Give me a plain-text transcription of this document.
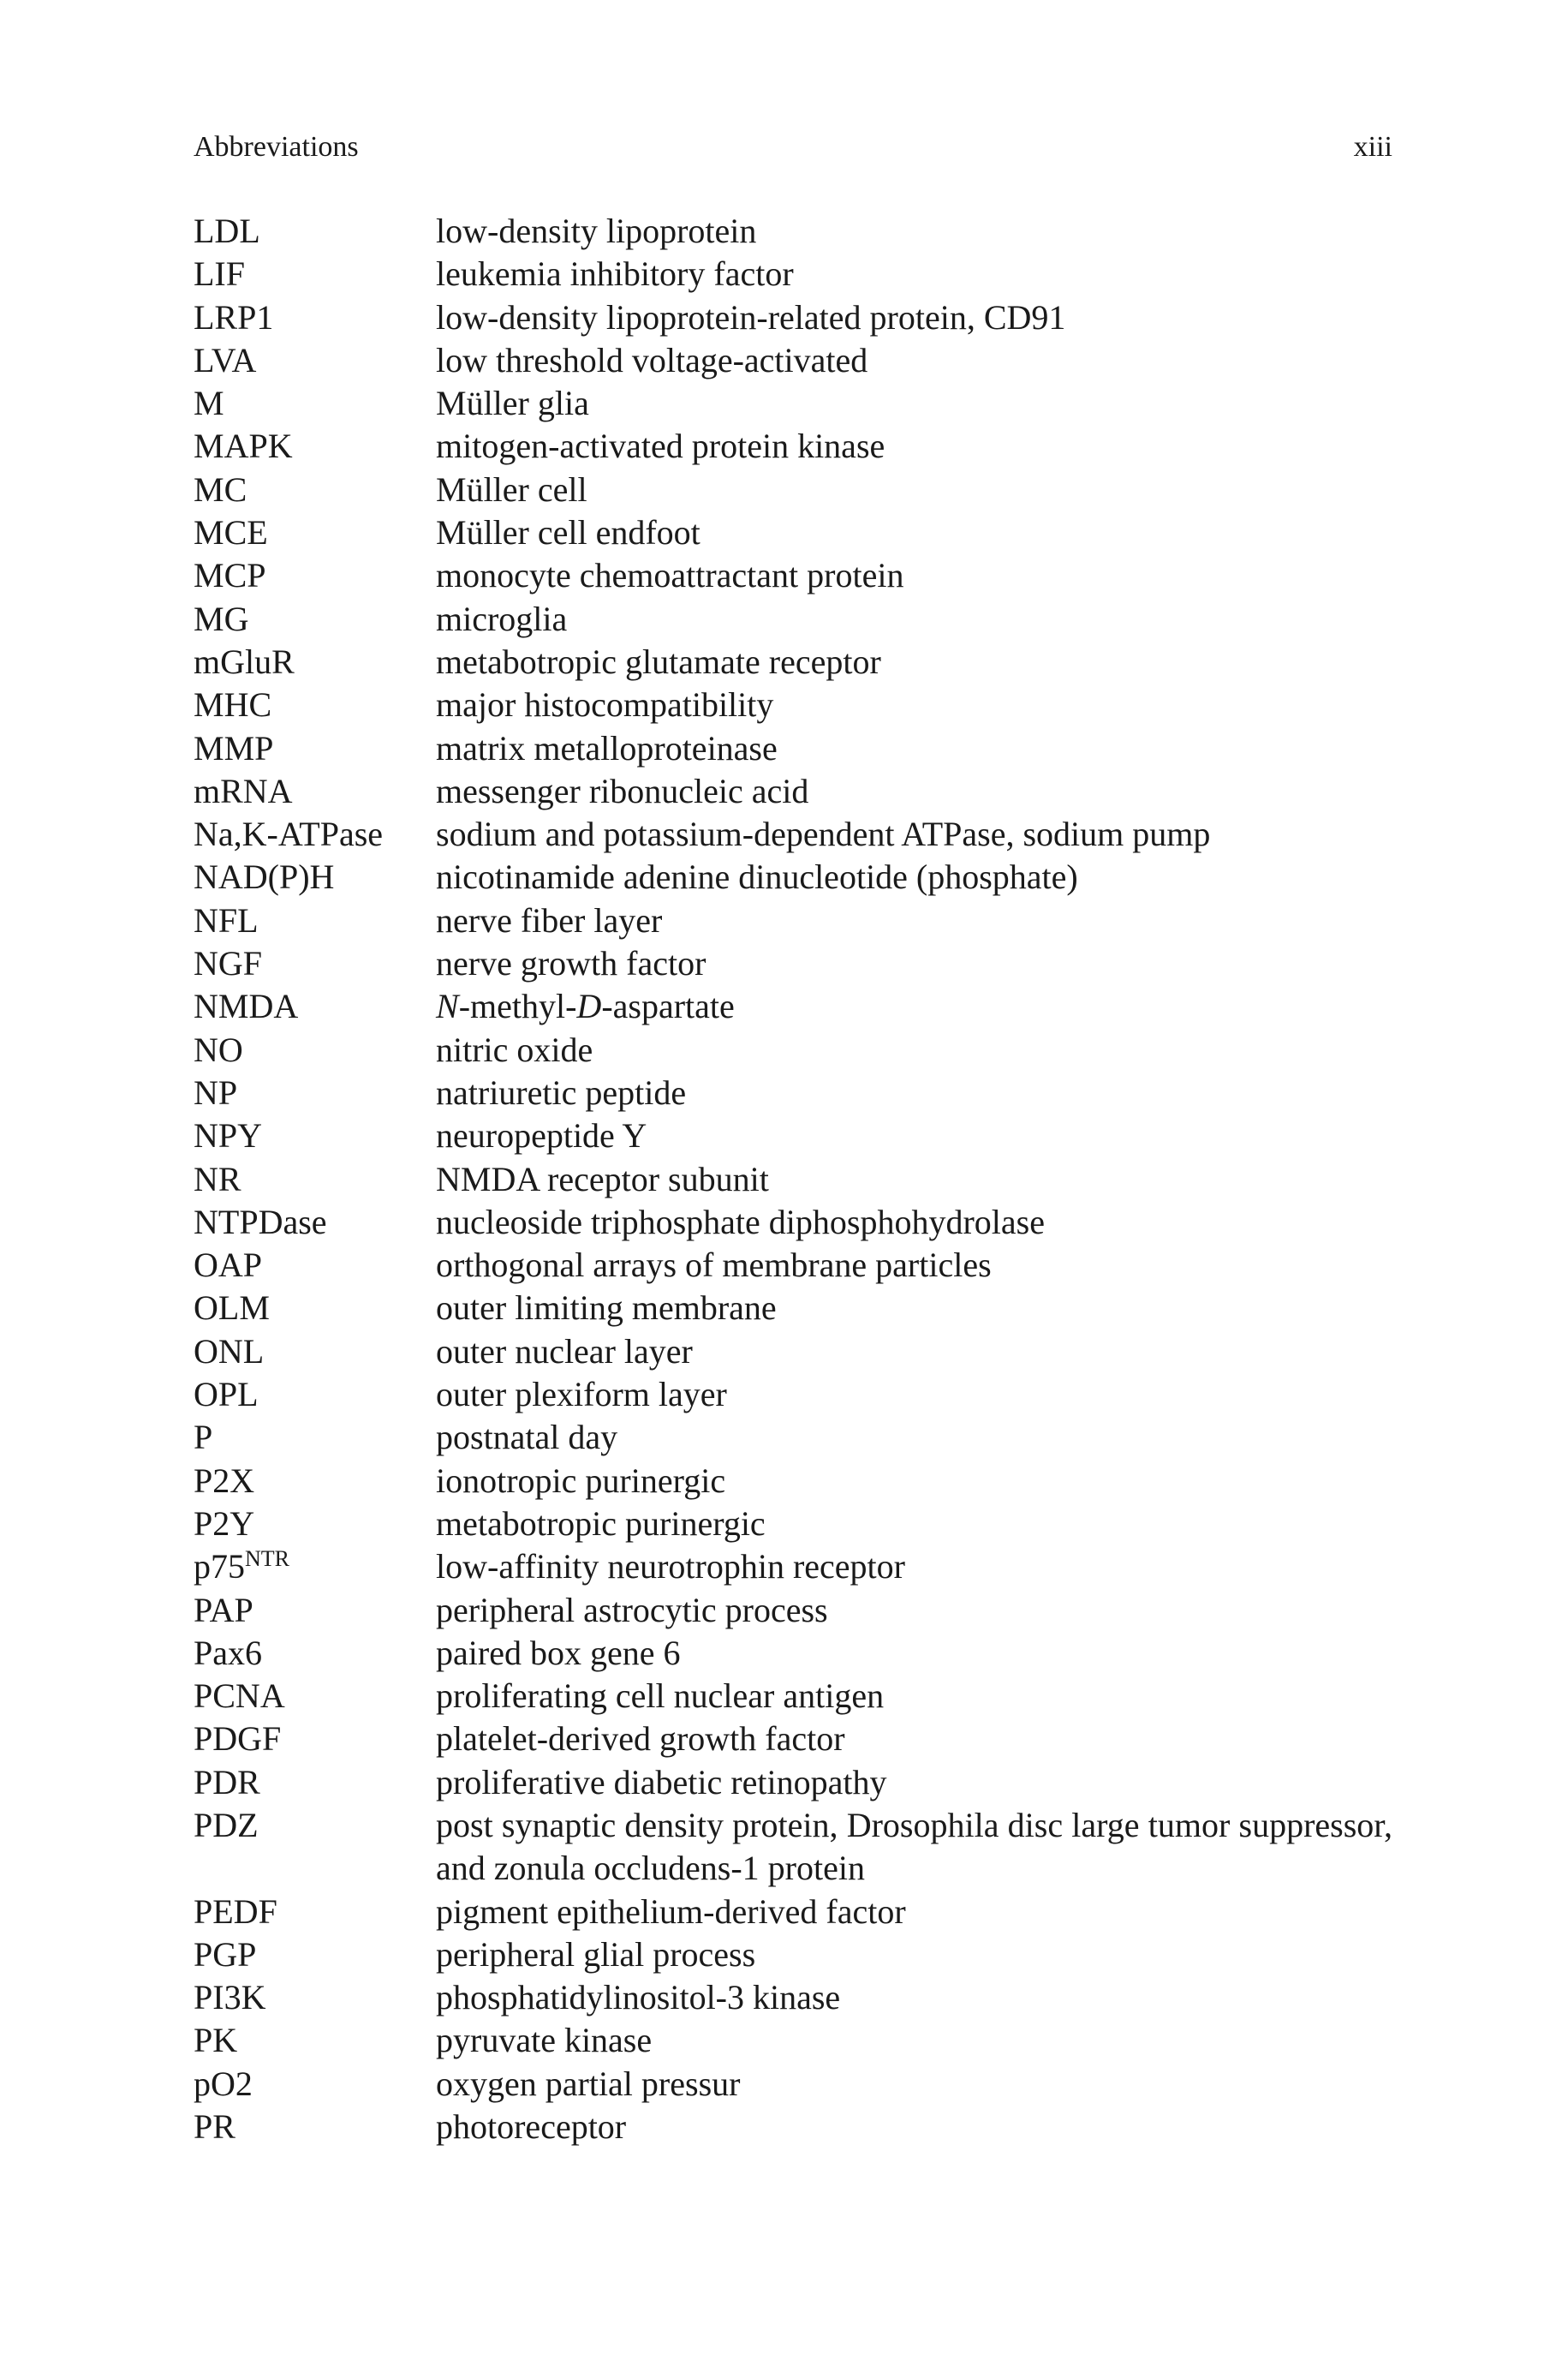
Abbreviations	xiii
LDL	low-density lipoprotein
LIF	leukemia inhibitory factor
LRP1	low-density lipoprotein-related protein, CD91
LVA	low threshold voltage-activated
M	Müller glia
MAPK	mitogen-activated protein kinase
MC	Müller cell
MCE	Müller cell endfoot
MCP	monocyte chemoattractant protein
MG	microglia
mGluR	metabotropic glutamate receptor
MHC	major histocompatibility
MMP	matrix metalloproteinase
mRNA	messenger ribonucleic acid
Na,K-ATPase	sodium and potassium-dependent ATPase, sodium pump
NAD(P)H	nicotinamide adenine dinucleotide (phosphate)
NFL	nerve fiber layer
NGF	nerve growth factor
NMDA	N-methyl-D-aspartate
NO	nitric oxide
NP	natriuretic peptide
NPY	neuropeptide Y
NR	NMDA receptor subunit
NTPDase	nucleoside triphosphate diphosphohydrolase
OAP	orthogonal arrays of membrane particles
OLM	outer limiting membrane
ONL	outer nuclear layer
OPL	outer plexiform layer
P	postnatal day
P2X	ionotropic purinergic
P2Y	metabotropic purinergic
$p75^{NTR}$	low-affinity neurotrophin receptor
PAP	peripheral astrocytic process
Pax6	paired box gene 6
PCNA	proliferating cell nuclear antigen
PDGF	platelet-derived growth factor
PDR	proliferative diabetic retinopathy
PDZ	post synaptic density protein, Drosophila disc large tumor suppressor, and zonula occludens-1 protein
PEDF	pigment epithelium-derived factor
PGP	peripheral glial process
PI3K	phosphatidylinositol-3 kinase
PK	pyruvate kinase
pO2	oxygen partial pressur
PR	photoreceptor
